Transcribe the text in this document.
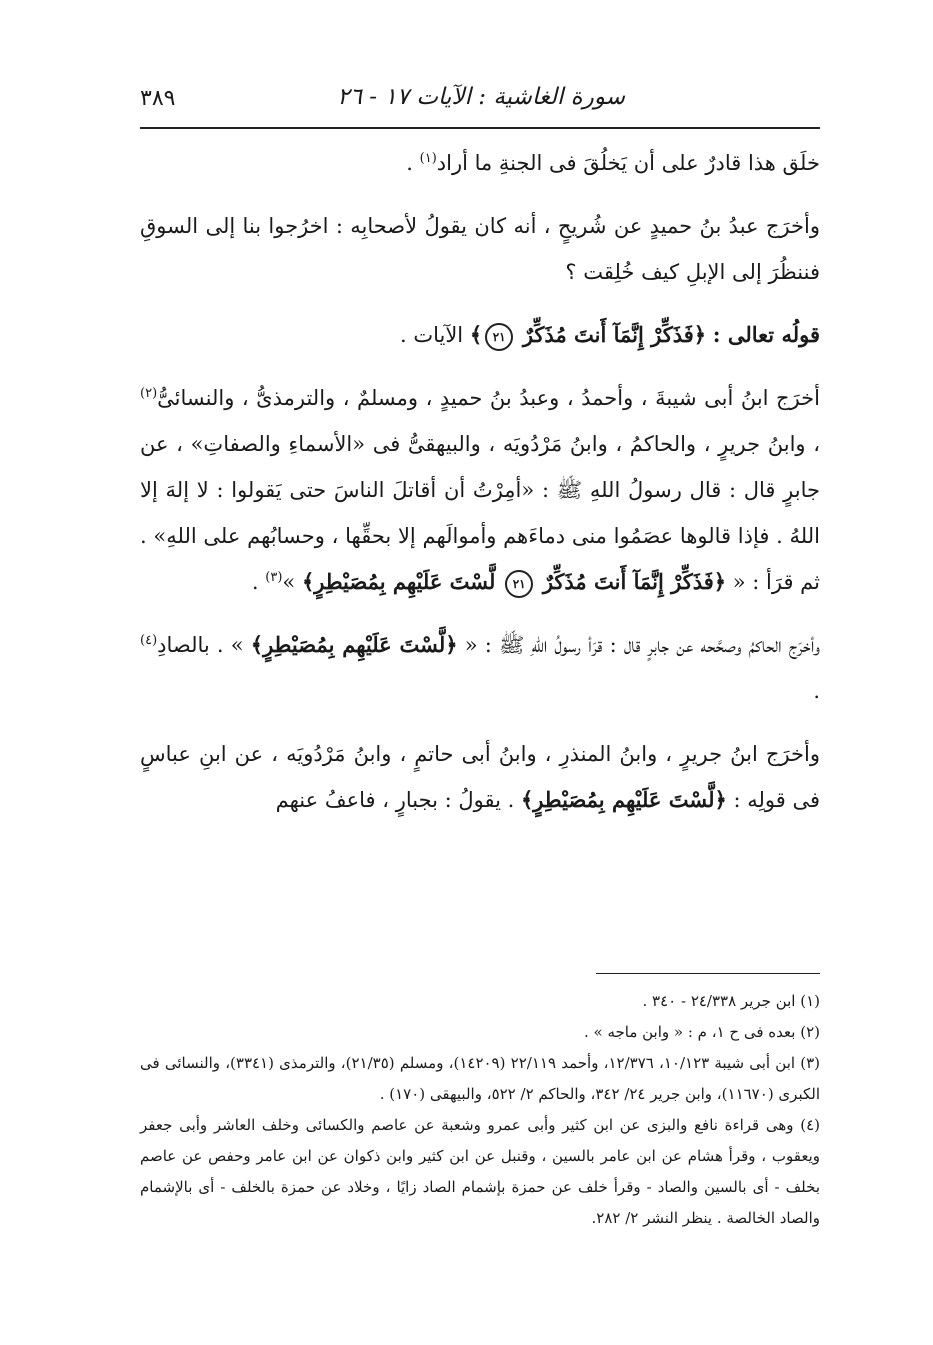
سورة الغاشية : الآيات ١٧ - ٢٦
٣٨٩

خلَق هذا قادرٌ على أن يَخلُقَ فى الجنةِ ما أراد$^{(١)}$ .

وأخرَج عبدُ بنُ حميدٍ عن شُريحٍ ، أنه كان يقولُ لأصحابِه : اخرُجوا بنا إلى السوقِ فننظُرَ إلى الإبلِ كيف خُلِقت ؟

قولُه تعالى : ﴿فَذَكِّرْ إِنَّمَآ أَنتَ مُذَكِّرٌ ٢١﴾ الآيات .

أخرَج ابنُ أبى شيبةَ ، وأحمدُ ، وعبدُ بنُ حميدٍ ، ومسلمٌ ، والترمذىُّ ، والنسائىُّ$^{(٢)}$ ، وابنُ جريرٍ ، والحاكمُ ، وابنُ مَرْدُويَه ، والبيهقىُّ فى «الأسماءِ والصفاتِ» ، عن جابرٍ قال : قال رسولُ اللهِ ﷺ : «أمِرْتُ أن أقاتلَ الناسَ حتى يَقولوا : لا إلهَ إلا اللهُ . فإذا قالوها عصَمُوا منى دماءَهم وأموالَهم إلا بحقِّها ، وحسابُهم على اللهِ» . ثم قرَأ : « ﴿فَذَكِّرْ إِنَّمَآ أَنتَ مُذَكِّرٌ ٢١ لَّسْتَ عَلَيْهِم بِمُصَيْطِرٍ﴾ »$^{(٣)}$ .

وأخرَج الحاكمُ وصحَّحه عن جابرٍ قال : قرَأ رسولُ اللهِ ﷺ : « ﴿لَّسْتَ عَلَيْهِم بِمُصَيْطِرٍ﴾ » . بالصادِ$^{(٤)}$ .

وأخرَج ابنُ جريرٍ ، وابنُ المنذرِ ، وابنُ أبى حاتمٍ ، وابنُ مَرْدُويَه ، عن ابنِ عباسٍ فى قولِه : ﴿لَّسْتَ عَلَيْهِم بِمُصَيْطِرٍ﴾ . يقولُ : بجبارٍ ، فاعفُ عنهم

(١) ابن جرير ٢٤/٣٣٨ - ٣٤٠ .

(٢) بعده فى ح ١، م : « وابن ماجه » .

(٣) ابن أبى شيبة ١٠/١٢٣، ١٢/٣٧٦، وأحمد ٢٢/١١٩ (١٤٢٠٩)، ومسلم (٢١/٣٥)، والترمذى (٣٣٤١)، والنسائى فى الكبرى (١١٦٧٠)، وابن جرير ٢٤/ ٣٤٢، والحاكم ٢/ ٥٢٢، والبيهقى (١٧٠) .

(٤) وهى قراءة نافع والبزى عن ابن كثير وأبى عمرو وشعبة عن عاصم والكسائى وخلف العاشر وأبى جعفر ويعقوب ، وقرأ هشام عن ابن عامر بالسين ، وقنبل عن ابن كثير وابن ذكوان عن ابن عامر وحفص عن عاصم بخلف - أى بالسين والصاد - وقرأ خلف عن حمزة بإشمام الصاد زايًا ، وخلاد عن حمزة بالخلف - أى بالإشمام والصاد الخالصة . ينظر النشر ٢/ ٢٨٢.
